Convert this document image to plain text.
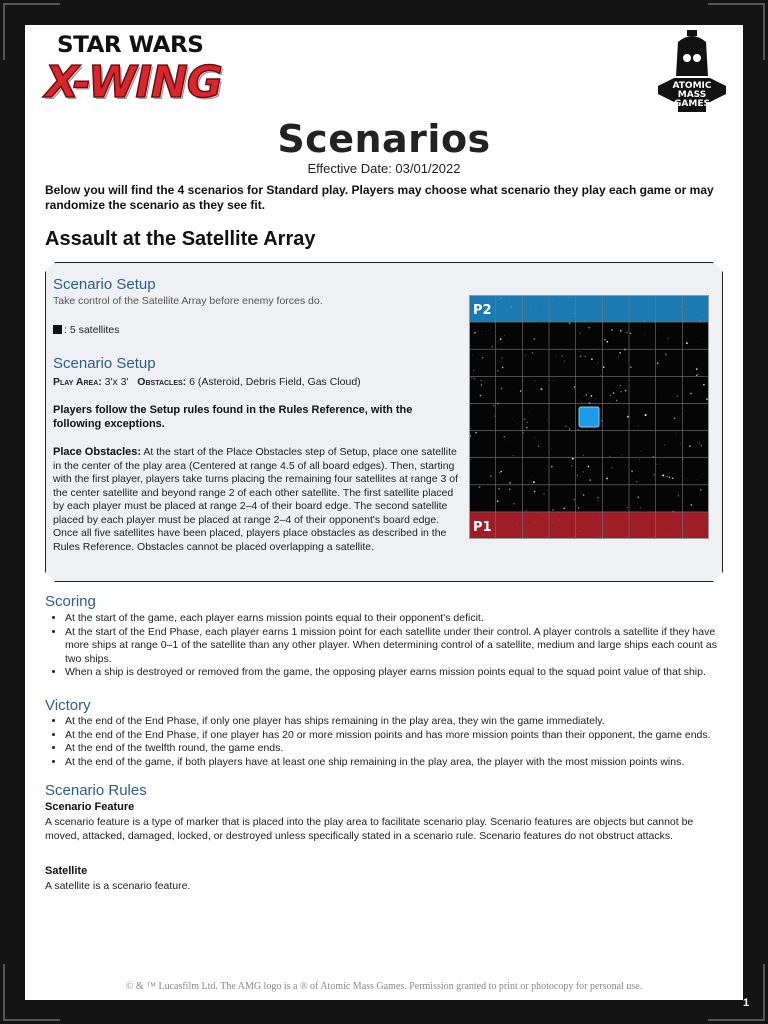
STAR WARS
X-WING	ATOMIC
MASS
GAMES
Scenarios
Effective Date: 03/01/2022
Below you will find the 4 scenarios for Standard play. Players may choose what scenario they play each game or may randomize the scenario as they see fit.
Assault at the Satellite Array
Scenario Setup
Take control of the Satellite Array before enemy forces do.
: 5 satellites
Scenario Setup
Play Area: 3'x 3' Obstacles: 6 (Asteroid, Debris Field, Gas Cloud)
Players follow the Setup rules found in the Rules Reference, with the following exceptions.
Place Obstacles: At the start of the Place Obstacles step of Setup, place one satellite in the center of the play area (Centered at range 4.5 of all board edges). Then, starting with the first player, players take turns placing the remaining four satellites at range 3 of the center satellite and beyond range 2 of each other satellite. The first satellite placed by each player must be placed at range 2–4 of their board edge. The second satellite placed by each player must be placed at range 2–4 of their opponent's board edge. Once all five satellites have been placed, players place obstacles as described in the Rules Reference. Obstacles cannot be placed overlapping a satellite.
P2
P1
Scoring
• At the start of the game, each player earns mission points equal to their opponent's deficit.
• At the start of the End Phase, each player earns 1 mission point for each satellite under their control. A player controls a satellite if they have more ships at range 0–1 of the satellite than any other player. When determining control of a satellite, medium and large ships each count as two ships.
• When a ship is destroyed or removed from the game, the opposing player earns mission points equal to the squad point value of that ship.
Victory
• At the end of the End Phase, if only one player has ships remaining in the play area, they win the game immediately.
• At the end of the End Phase, if one player has 20 or more mission points and has more mission points than their opponent, the game ends.
• At the end of the twelfth round, the game ends.
• At the end of the game, if both players have at least one ship remaining in the play area, the player with the most mission points wins.
Scenario Rules
Scenario Feature
A scenario feature is a type of marker that is placed into the play area to facilitate scenario play. Scenario features are objects but cannot be moved, attacked, damaged, locked, or destroyed unless specifically stated in a scenario rule. Scenario features do not obstruct attacks.
Satellite
A satellite is a scenario feature.
© & ™ Lucasfilm Ltd. The AMG logo is a ® of Atomic Mass Games. Permission granted to print or photocopy for personal use.
1
